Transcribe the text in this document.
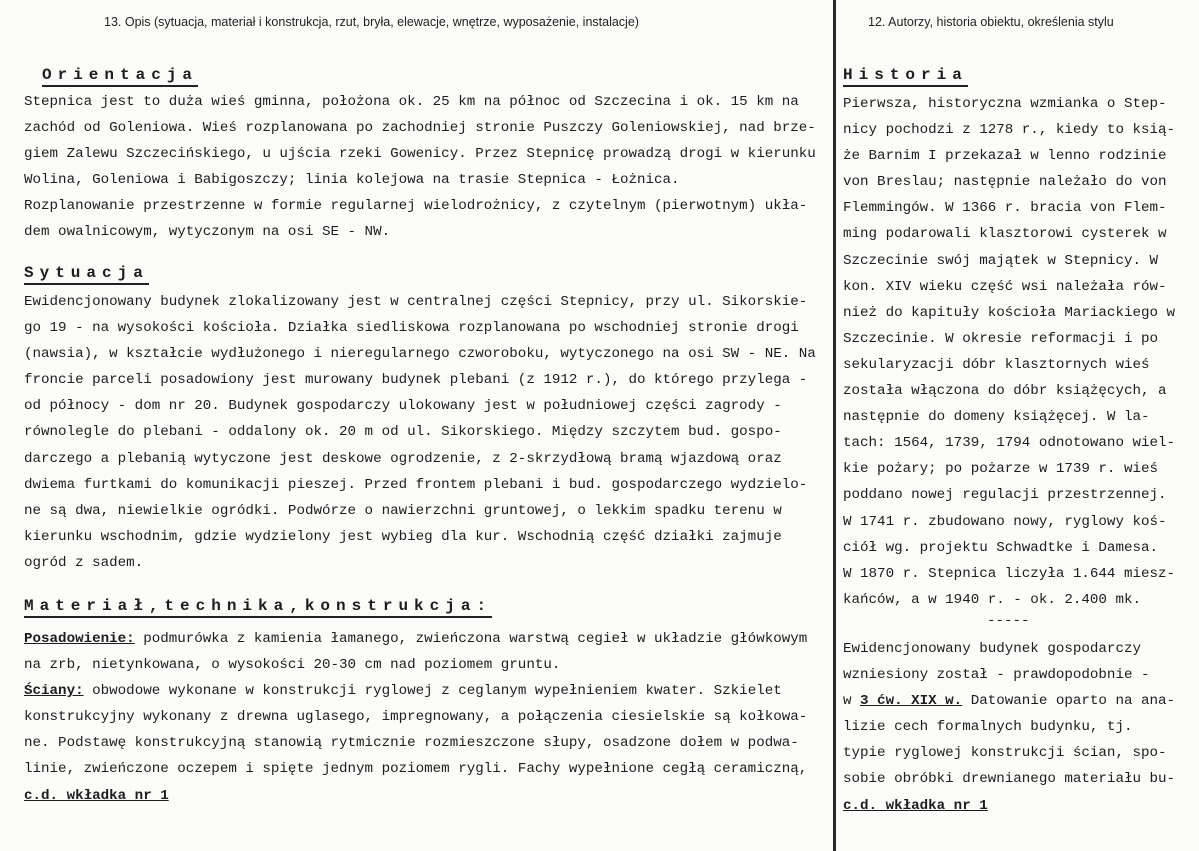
13. Opis (sytuacja, materiał i konstrukcja, rzut, bryła, elewacje, wnętrze, wyposażenie, instalacje)	12. Autorzy, historia obiektu, określenia stylu
Orientacja
Stepnica jest to duża wieś gminna, położona ok. 25 km na północ od Szczecina i ok. 15 km na
zachód od Goleniowa. Wieś rozplanowana po zachodniej stronie Puszczy Goleniowskiej, nad brze-
giem Zalewu Szczecińskiego, u ujścia rzeki Gowenicy. Przez Stepnicę prowadzą drogi w kierunku
Wolina, Goleniowa i Babigoszczy; linia kolejowa na trasie Stepnica - Łożnica.
Rozplanowanie przestrzenne w formie regularnej wielodrożnicy, z czytelnym (pierwotnym) ukła-
dem owalnicowym, wytyczonym na osi SE - NW.
Sytuacja
Ewidencjonowany budynek zlokalizowany jest w centralnej części Stepnicy, przy ul. Sikorskie-
go 19 - na wysokości kościoła. Działka siedliskowa rozplanowana po wschodniej stronie drogi
(nawsia), w kształcie wydłużonego i nieregularnego czworoboku, wytyczonego na osi SW - NE. Na
froncie parceli posadowiony jest murowany budynek plebani (z 1912 r.), do którego przylega -
od północy - dom nr 20. Budynek gospodarczy ulokowany jest w południowej części zagrody -
równolegle do plebani - oddalony ok. 20 m od ul. Sikorskiego. Między szczytem bud. gospo-
darczego a plebanią wytyczone jest deskowe ogrodzenie, z 2-skrzydłową bramą wjazdową oraz
dwiema furtkami do komunikacji pieszej. Przed frontem plebani i bud. gospodarczego wydzielo-
ne są dwa, niewielkie ogródki. Podwórze o nawierzchni gruntowej, o lekkim spadku terenu w
kierunku wschodnim, gdzie wydzielony jest wybieg dla kur. Wschodnią część działki zajmuje
ogród z sadem.
Materiał,technika,konstrukcja:
Posadowienie: podmurówka z kamienia łamanego, zwieńczona warstwą cegieł w układzie główkowym
na zrb, nietynkowana, o wysokości 20-30 cm nad poziomem gruntu.
Ściany: obwodowe wykonane w konstrukcji ryglowej z ceglanym wypełnieniem kwater. Szkielet
konstrukcyjny wykonany z drewna uglasego, impregnowany, a połączenia ciesielskie są kołkowa-
ne. Podstawę konstrukcyjną stanowią rytmicznie rozmieszczone słupy, osadzone dołem w podwa-
linie, zwieńczone oczepem i spięte jednym poziomem rygli. Fachy wypełnione cegłą ceramiczną,
c.d. wkładka nr 1
Historia
Pierwsza, historyczna wzmianka o Step-
nicy pochodzi z 1278 r., kiedy to ksią-
że Barnim I przekazał w lenno rodzinie
von Breslau; następnie należało do von
Flemmingów. W 1366 r. bracia von Flem-
ming podarowali klasztorowi cysterek w
Szczecinie swój majątek w Stepnicy. W
kon. XIV wieku część wsi należała rów-
nież do kapituły kościoła Mariackiego w
Szczecinie. W okresie reformacji i po
sekularyzacji dóbr klasztornych wieś
została włączona do dóbr książęcych, a
następnie do domeny książęcej. W la-
tach: 1564, 1739, 1794 odnotowano wiel-
kie pożary; po pożarze w 1739 r. wieś
poddano nowej regulacji przestrzennej.
W 1741 r. zbudowano nowy, ryglowy koś-
ciół wg. projektu Schwadtke i Damesa.
W 1870 r. Stepnica liczyła 1.644 miesz-
kańców, a w 1940 r. - ok. 2.400 mk.
-----
Ewidencjonowany budynek gospodarczy
wzniesiony został - prawdopodobnie -
w 3 ćw. XIX w. Datowanie oparto na ana-
lizie cech formalnych budynku, tj.
typie ryglowej konstrukcji ścian, spo-
sobie obróbki drewnianego materiału bu-
c.d. wkładka nr 1
